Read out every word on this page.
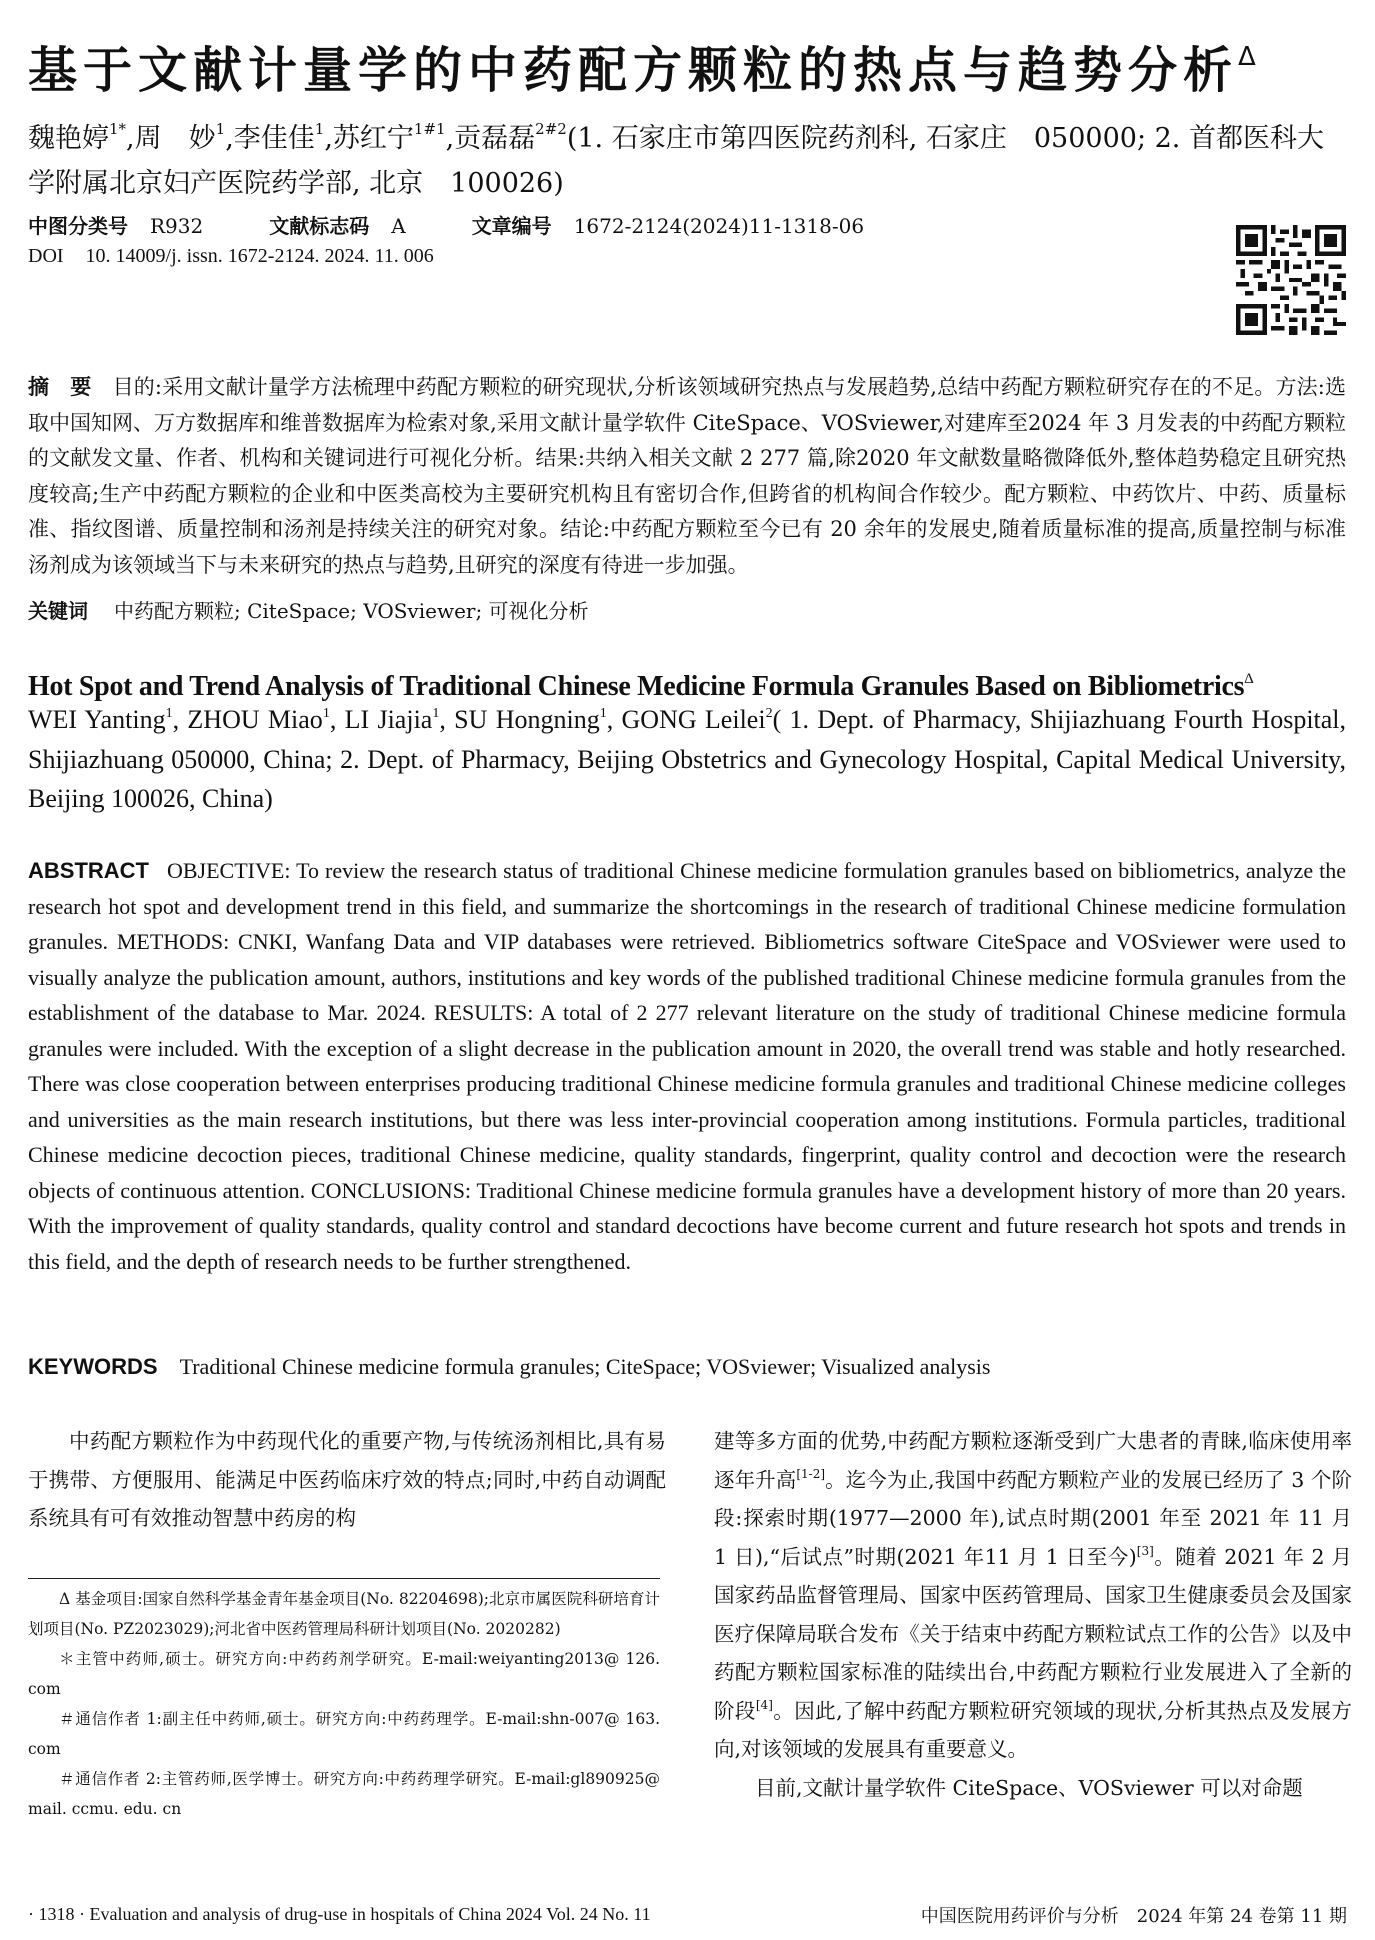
基于文献计量学的中药配方颗粒的热点与趋势分析$^\Delta$
魏艳婷$^{1*}$,周　妙$^1$,李佳佳$^1$,苏红宁$^{1\#1}$,贡磊磊$^{2\#2}$(1. 石家庄市第四医院药剂科, 石家庄　050000; 2. 首都医科大学附属北京妇产医院药学部, 北京　100026)
中图分类号 R932	文献标志码 A	文章编号 1672-2124(2024)11-1318-06
DOI 10. 14009/j. issn. 1672-2124. 2024. 11. 006
摘　要　 目的:采用文献计量学方法梳理中药配方颗粒的研究现状,分析该领域研究热点与发展趋势,总结中药配方颗粒研究存在的不足。方法:选取中国知网、万方数据库和维普数据库为检索对象,采用文献计量学软件 CiteSpace、VOSviewer,对建库至2024 年 3 月发表的中药配方颗粒的文献发文量、作者、机构和关键词进行可视化分析。结果:共纳入相关文献 2 277 篇,除2020 年文献数量略微降低外,整体趋势稳定且研究热度较高;生产中药配方颗粒的企业和中医类高校为主要研究机构且有密切合作,但跨省的机构间合作较少。配方颗粒、中药饮片、中药、质量标准、指纹图谱、质量控制和汤剂是持续关注的研究对象。结论:中药配方颗粒至今已有 20 余年的发展史,随着质量标准的提高,质量控制与标准汤剂成为该领域当下与未来研究的热点与趋势,且研究的深度有待进一步加强。
关键词 中药配方颗粒; CiteSpace; VOSviewer; 可视化分析
Hot Spot and Trend Analysis of Traditional Chinese Medicine Formula Granules Based on Bibliometrics$^\Delta$
WEI Yanting$^1$, ZHOU Miao$^1$, LI Jiajia$^1$, SU Hongning$^1$, GONG Leilei$^2$( 1. Dept. of Pharmacy, Shijiazhuang Fourth Hospital, Shijiazhuang 050000, China; 2. Dept. of Pharmacy, Beijing Obstetrics and Gynecology Hospital, Capital Medical University, Beijing 100026, China)
ABSTRACT OBJECTIVE: To review the research status of traditional Chinese medicine formulation granules based on bibliometrics, analyze the research hot spot and development trend in this field, and summarize the shortcomings in the research of traditional Chinese medicine formulation granules. METHODS: CNKI, Wanfang Data and VIP databases were retrieved. Bibliometrics software CiteSpace and VOSviewer were used to visually analyze the publication amount, authors, institutions and key words of the published traditional Chinese medicine formula granules from the establishment of the database to Mar. 2024. RESULTS: A total of 2 277 relevant literature on the study of traditional Chinese medicine formula granules were included. With the exception of a slight decrease in the publication amount in 2020, the overall trend was stable and hotly researched. There was close cooperation between enterprises producing traditional Chinese medicine formula granules and traditional Chinese medicine colleges and universities as the main research institutions, but there was less inter-provincial cooperation among institutions. Formula particles, traditional Chinese medicine decoction pieces, traditional Chinese medicine, quality standards, fingerprint, quality control and decoction were the research objects of continuous attention. CONCLUSIONS: Traditional Chinese medicine formula granules have a development history of more than 20 years. With the improvement of quality standards, quality control and standard decoctions have become current and future research hot spots and trends in this field, and the depth of research needs to be further strengthened.
KEYWORDS Traditional Chinese medicine formula granules; CiteSpace; VOSviewer; Visualized analysis

中药配方颗粒作为中药现代化的重要产物,与传统汤剂相比,具有易于携带、方便服用、能满足中医药临床疗效的特点;同时,中药自动调配系统具有可有效推动智慧中药房的构

Δ 基金项目:国家自然科学基金青年基金项目(No. 82204698);北京市属医院科研培育计划项目(No. PZ2023029);河北省中医药管理局科研计划项目(No. 2020282)

＊主管中药师,硕士。研究方向:中药药剂学研究。E-mail:weiyanting2013@ 126. com

＃通信作者 1:副主任中药师,硕士。研究方向:中药药理学。E-mail:shn-007@ 163. com

＃通信作者 2:主管药师,医学博士。研究方向:中药药理学研究。E-mail:gl890925@ mail. ccmu. edu. cn

建等多方面的优势,中药配方颗粒逐渐受到广大患者的青睐,临床使用率逐年升高[1-2]。迄今为止,我国中药配方颗粒产业的发展已经历了 3 个阶段:探索时期(1977—2000 年),试点时期(2001 年至 2021 年 11 月 1 日),“后试点”时期(2021 年11 月 1 日至今)[3]。随着 2021 年 2 月国家药品监督管理局、国家中医药管理局、国家卫生健康委员会及国家医疗保障局联合发布《关于结束中药配方颗粒试点工作的公告》以及中药配方颗粒国家标准的陆续出台,中药配方颗粒行业发展进入了全新的阶段[4]。因此,了解中药配方颗粒研究领域的现状,分析其热点及发展方向,对该领域的发展具有重要意义。

目前,文献计量学软件 CiteSpace、VOSviewer 可以对命题

· 1318 · Evaluation and analysis of drug-use in hospitals of China 2024 Vol. 24 No. 11	中国医院用药评价与分析　2024 年第 24 卷第 11 期
